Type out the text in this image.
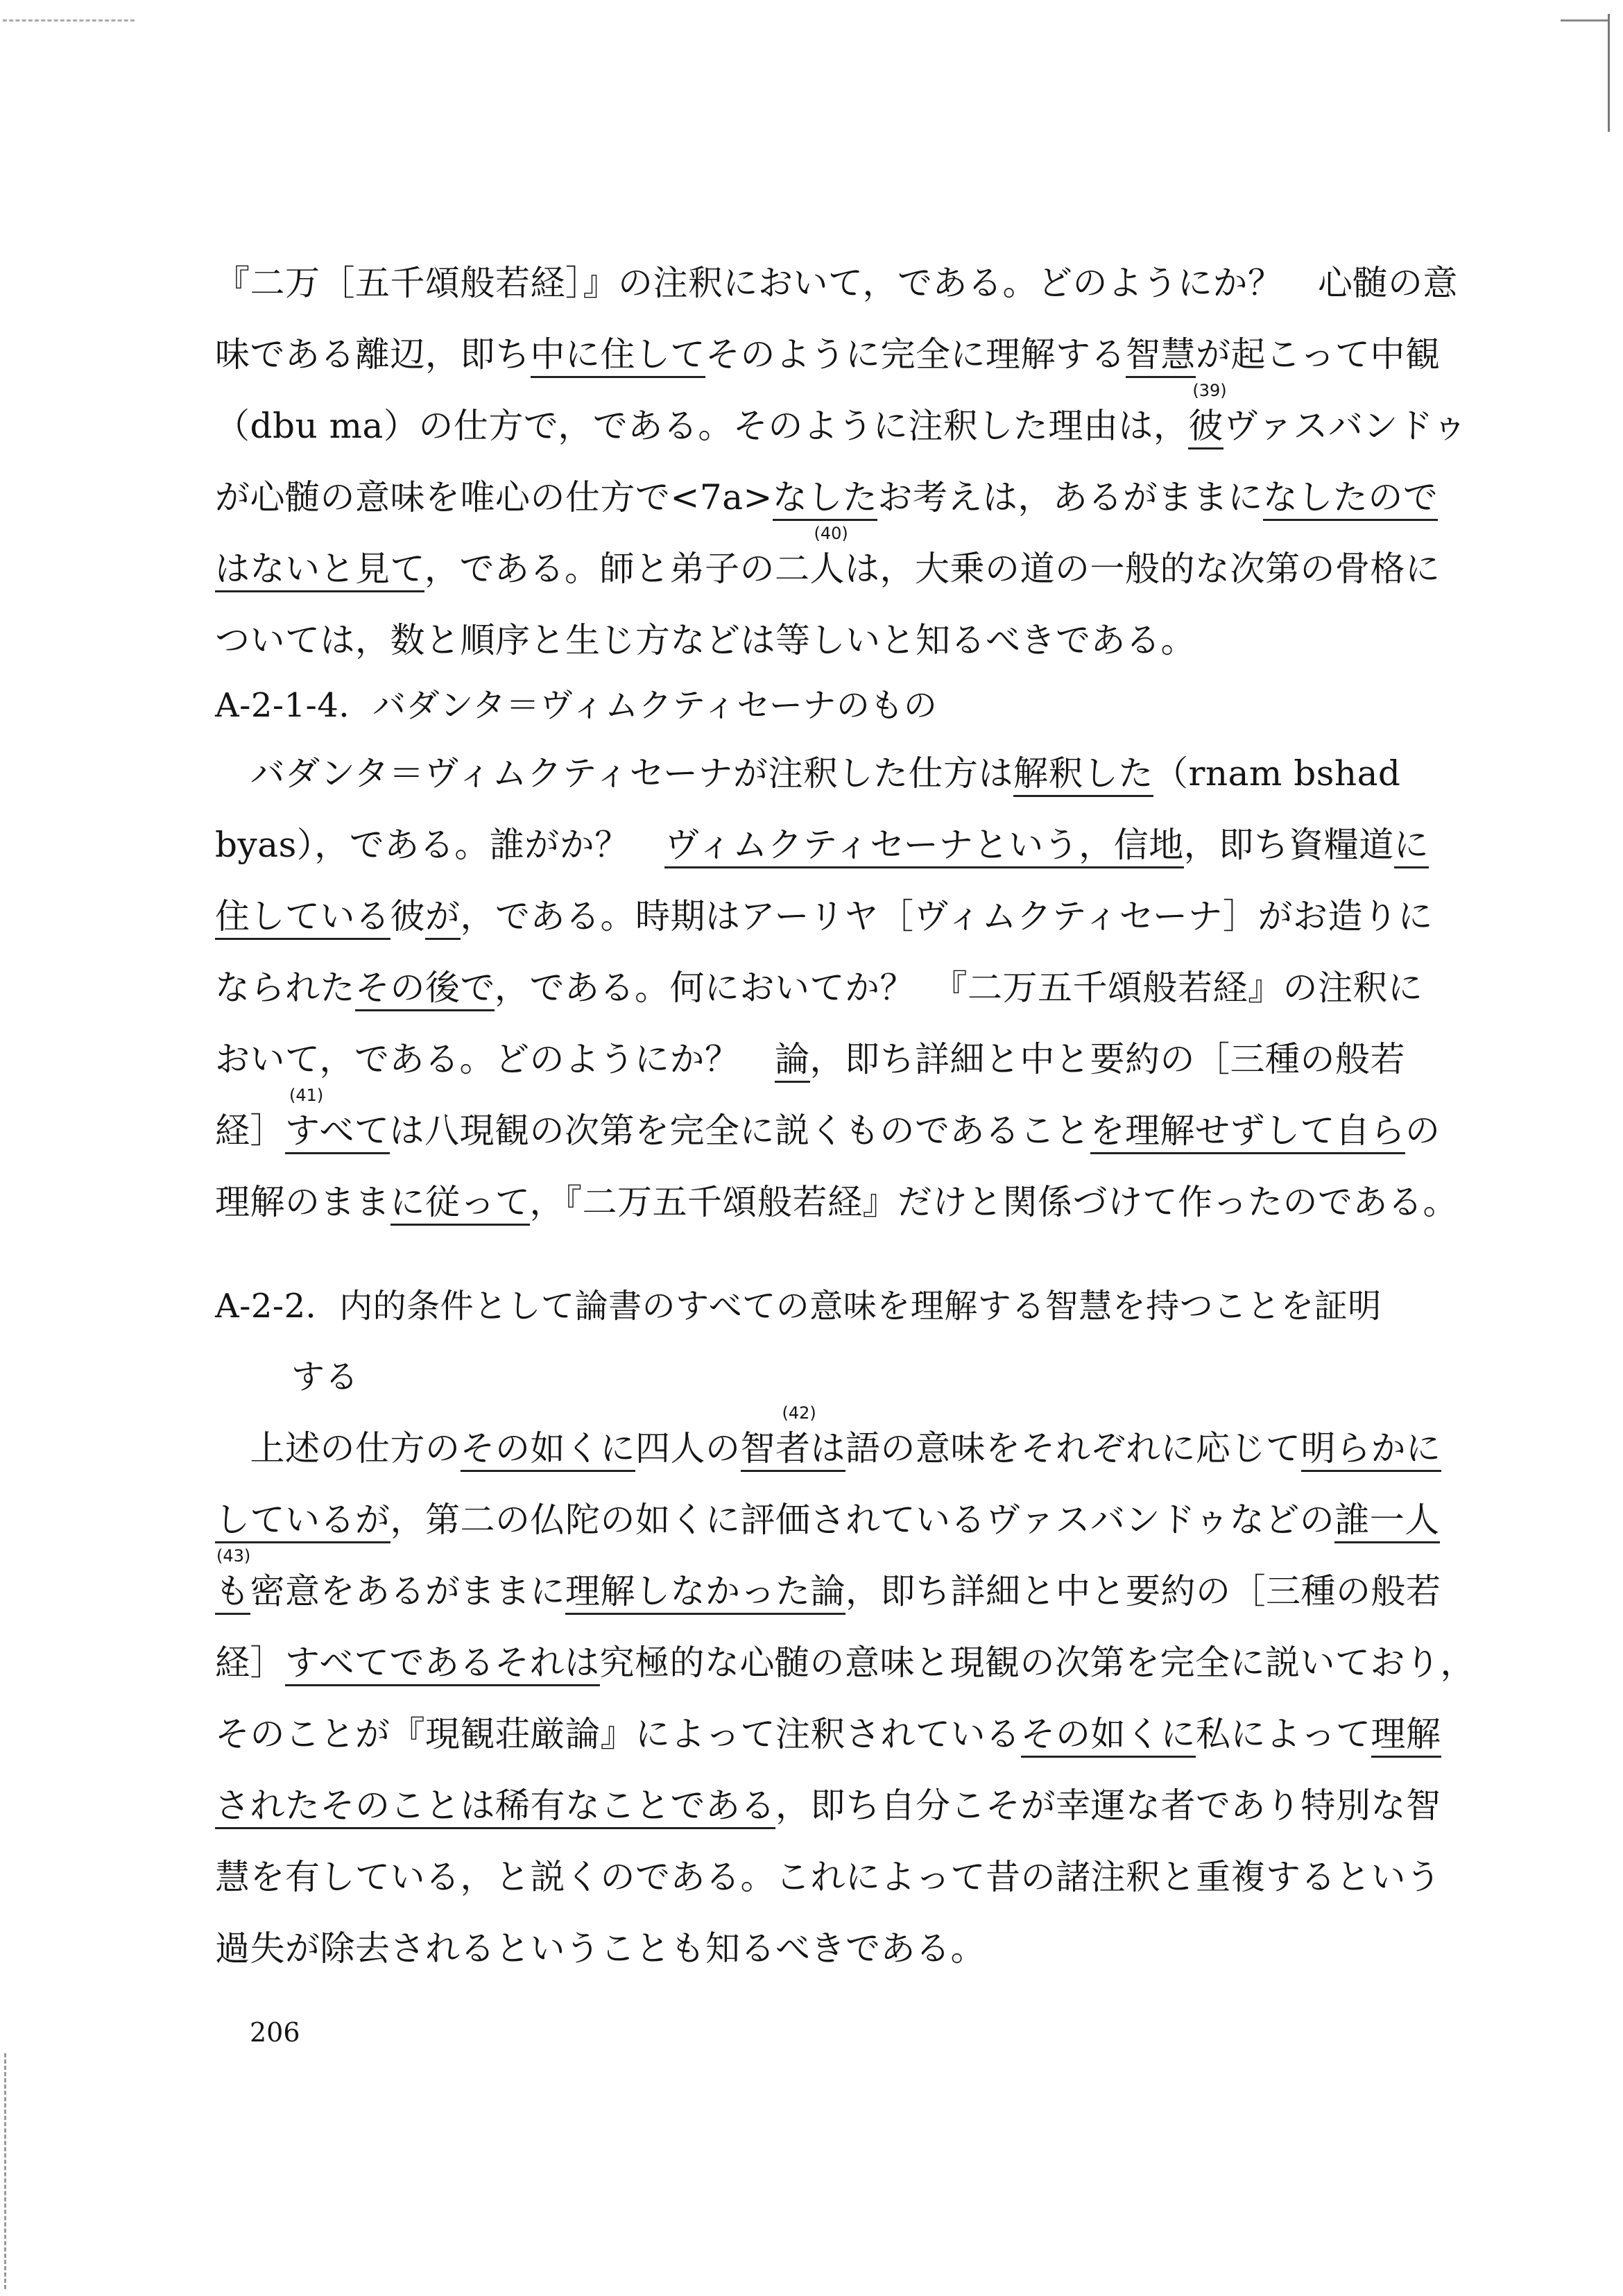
『二万［五千頌般若経］』の注釈において，である。どのようにか？　心髄の意
味である離辺，即ち中に住してそのように完全に理解する智慧が起こって中観
（dbu ma）の仕方で，である。そのように注釈した理由は，
(39)
彼ヴァスバンドゥ
が心髄の意味を唯心の仕方で<7a>なしたお考えは，あるがままになしたので
はないと見て，である。師と弟子の二
(40)
人は，大乗の道の一般的な次第の骨格に
ついては，数と順序と生じ方などは等しいと知るべきである。
A-2-1-4．バダンタ＝ヴィムクティセーナのもの
　バダンタ＝ヴィムクティセーナが注釈した仕方は解釈した（rnam bshad
byas），である。誰がか？　ヴィムクティセーナという，信地，即ち資糧道に
住している彼が，である。時期はアーリヤ［ヴィムクティセーナ］がお造りに
なられたその後で，である。何においてか？　『二万五千頌般若経』の注釈に
おいて，である。どのようにか？　論，即ち詳細と中と要約の［三種の般若
経］
(41)
すべては八現観の次第を完全に説くものであることを理解せずして自らの
理解のままに従って，『二万五千頌般若経』だけと関係づけて作ったのである。
A-2-2．内的条件として論書のすべての意味を理解する智慧を持つことを証明
する
　上述の仕方のその如くに四人の
(42)
智者は語の意味をそれぞれに応じて明らかに
しているが，第二の仏陀の如くに評価されているヴァスバンドゥなどの誰一人
(43)
も密意をあるがままに理解しなかった論，即ち詳細と中と要約の［三種の般若
経］すべてであるそれは究極的な心髄の意味と現観の次第を完全に説いており，
そのことが『現観荘厳論』によって注釈されているその如くに私によって理解
されたそのことは稀有なことである，即ち自分こそが幸運な者であり特別な智
慧を有している，と説くのである。これによって昔の諸注釈と重複するという
過失が除去されるということも知るべきである。
206
